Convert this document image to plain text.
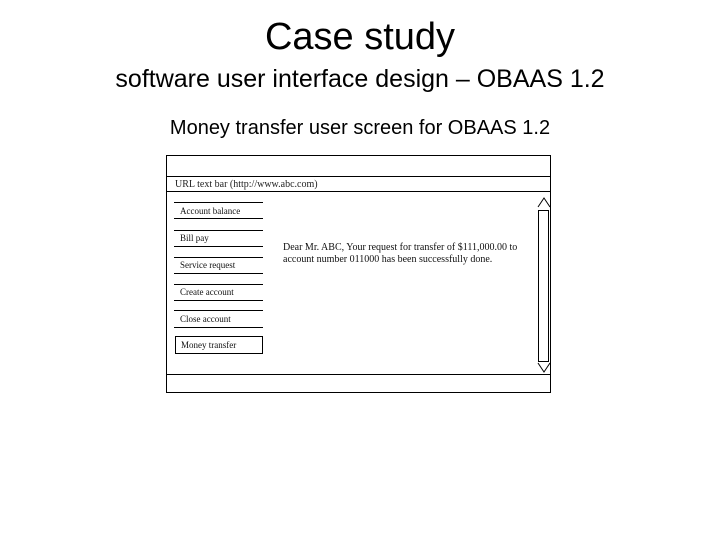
Case study
software user interface design – OBAAS 1.2
Money transfer user screen for OBAAS 1.2
URL text bar (http://www.abc.com)
Account balance
Bill pay
Service request
Create account
Close account
Money transfer
Dear Mr. ABC, Your request for transfer of $111,000.00 to account number 011000 has been successfully done.
